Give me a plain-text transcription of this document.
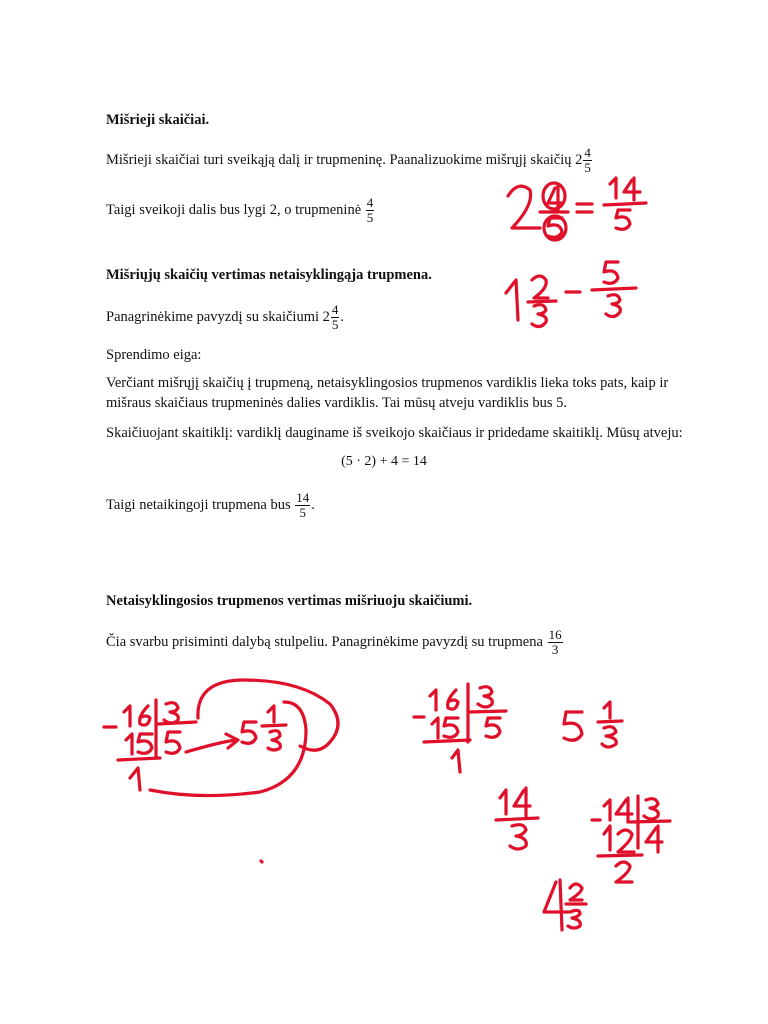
Mišrieji skaičiai.
Mišrieji skaičiai turi sveikąją dalį ir trupmeninę. Paanalizuokime mišrųjį skaičių $2 \frac{4}{5}$
Taigi sveikoji dalis bus lygi 2, o trupmeninė $\frac{4}{5}$
Mišriųjų skaičių vertimas netaisyklingąja trupmena.
Panagrinėkime pavyzdį su skaičiumi $2 \frac{4}{5}$ .
Sprendimo eiga:
Verčiant mišrųjį skaičių į trupmeną, netaisyklingosios trupmenos vardiklis lieka toks pats, kaip ir
mišraus skaičiaus trupmeninės dalies vardiklis. Tai mūsų atveju vardiklis bus 5.
Skaičiuojant skaitiklį: vardiklį dauginame iš sveikojo skaičiaus ir pridedame skaitiklį. Mūsų atveju:
(5 · 2) + 4 = 14
Taigi netaikingoji trupmena bus $\frac{14}{5}$ .
Netaisyklingosios trupmenos vertimas mišriuoju skaičiumi.
Čia svarbu prisiminti dalybą stulpeliu. Panagrinėkime pavyzdį su trupmena $\frac{16}{3}$
